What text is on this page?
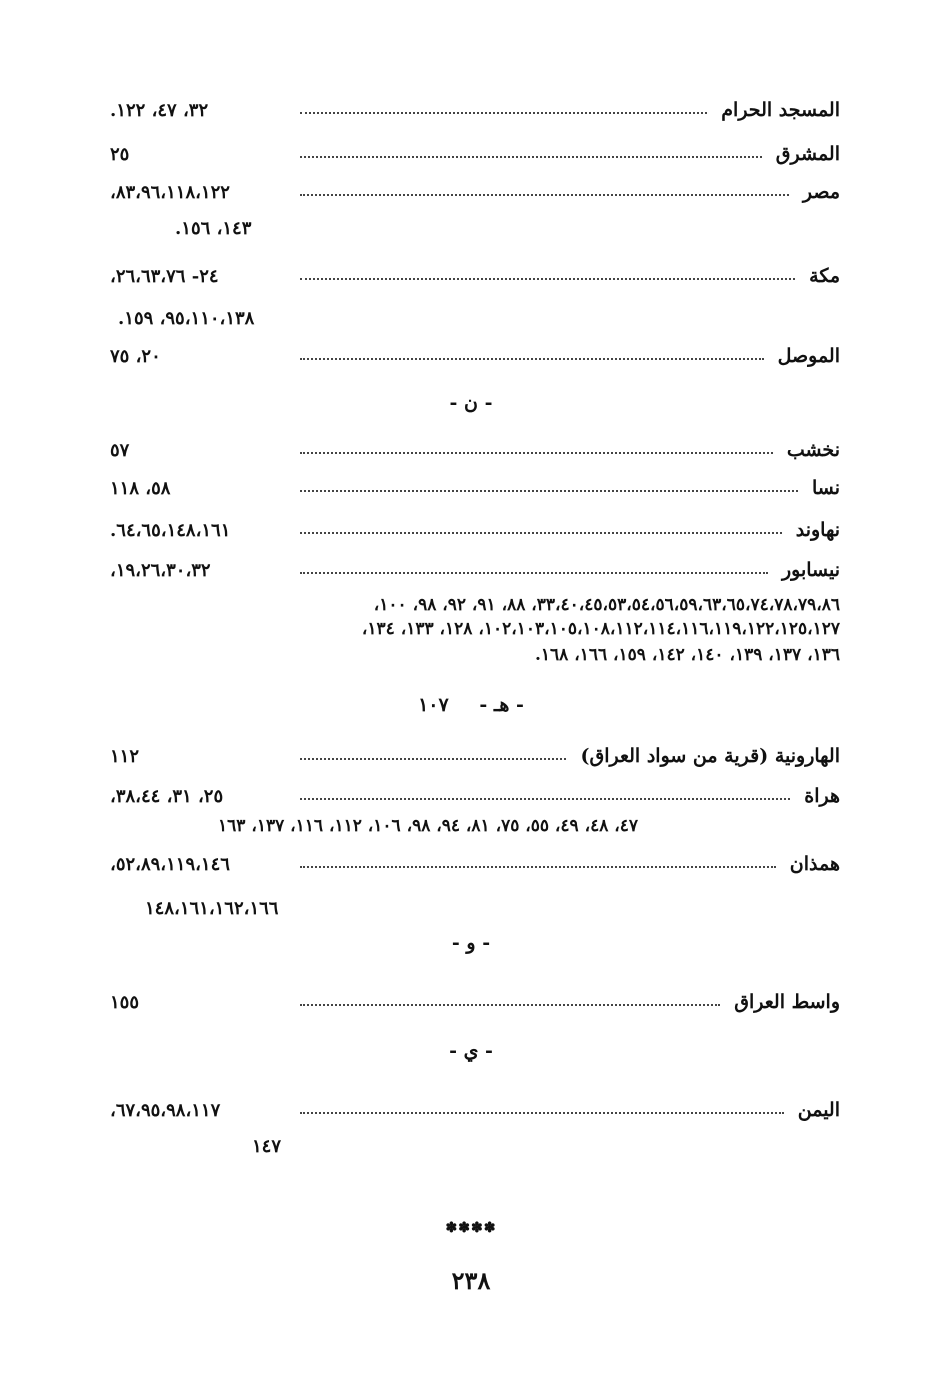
المسجد الحرام
٣٢، ٤٧، ١٢٢.
المشرق
٢٥
مصر
٨٣،٩٦،١١٨،١٢٢،
١٤٣، ١٥٦.
مكة
٢٤- ٢٦،٦٣،٧٦،
٩٥،١١٠،١٣٨، ١٥٩.
الموصل
٢٠، ٧٥
- ن -
نخشب
٥٧
نسا
٥٨، ١١٨
نهاوند
٦٤،٦٥،١٤٨،١٦١.
نيسابور
١٩،٢٦،٣٠،٣٢،
٣٣،٤٠،٤٥،٥٣،٥٤،٥٦،٥٩،٦٣،٦٥،٧٤،٧٨،٧٩،٨٦، ٨٨، ٩١، ٩٢، ٩٨، ١٠٠،
١٠٢،١٠٣،١٠٥،١٠٨،١١٢،١١٤،١١٦،١١٩،١٢٢،١٢٥،١٢٧، ١٢٨، ١٣٣، ١٣٤،
١٣٦، ١٣٧، ١٣٩، ١٤٠، ١٤٢، ١٥٩، ١٦٦، ١٦٨.
- هـ - ١٠٧
الهارونية (قرية من سواد العراق)
١١٢
هراة
٢٥، ٣١، ٣٨،٤٤،
٤٧، ٤٨، ٤٩، ٥٥، ٧٥، ٨١، ٩٤، ٩٨، ١٠٦، ١١٢، ١١٦، ١٣٧، ١٦٣
همذان
٥٢،٨٩،١١٩،١٤٦،
١٤٨،١٦١،١٦٢،١٦٦
- و -
واسط العراق
١٥٥
- ي -
اليمن
٦٧،٩٥،٩٨،١١٧،
١٤٧
✽✽✽✽
٢٣٨
